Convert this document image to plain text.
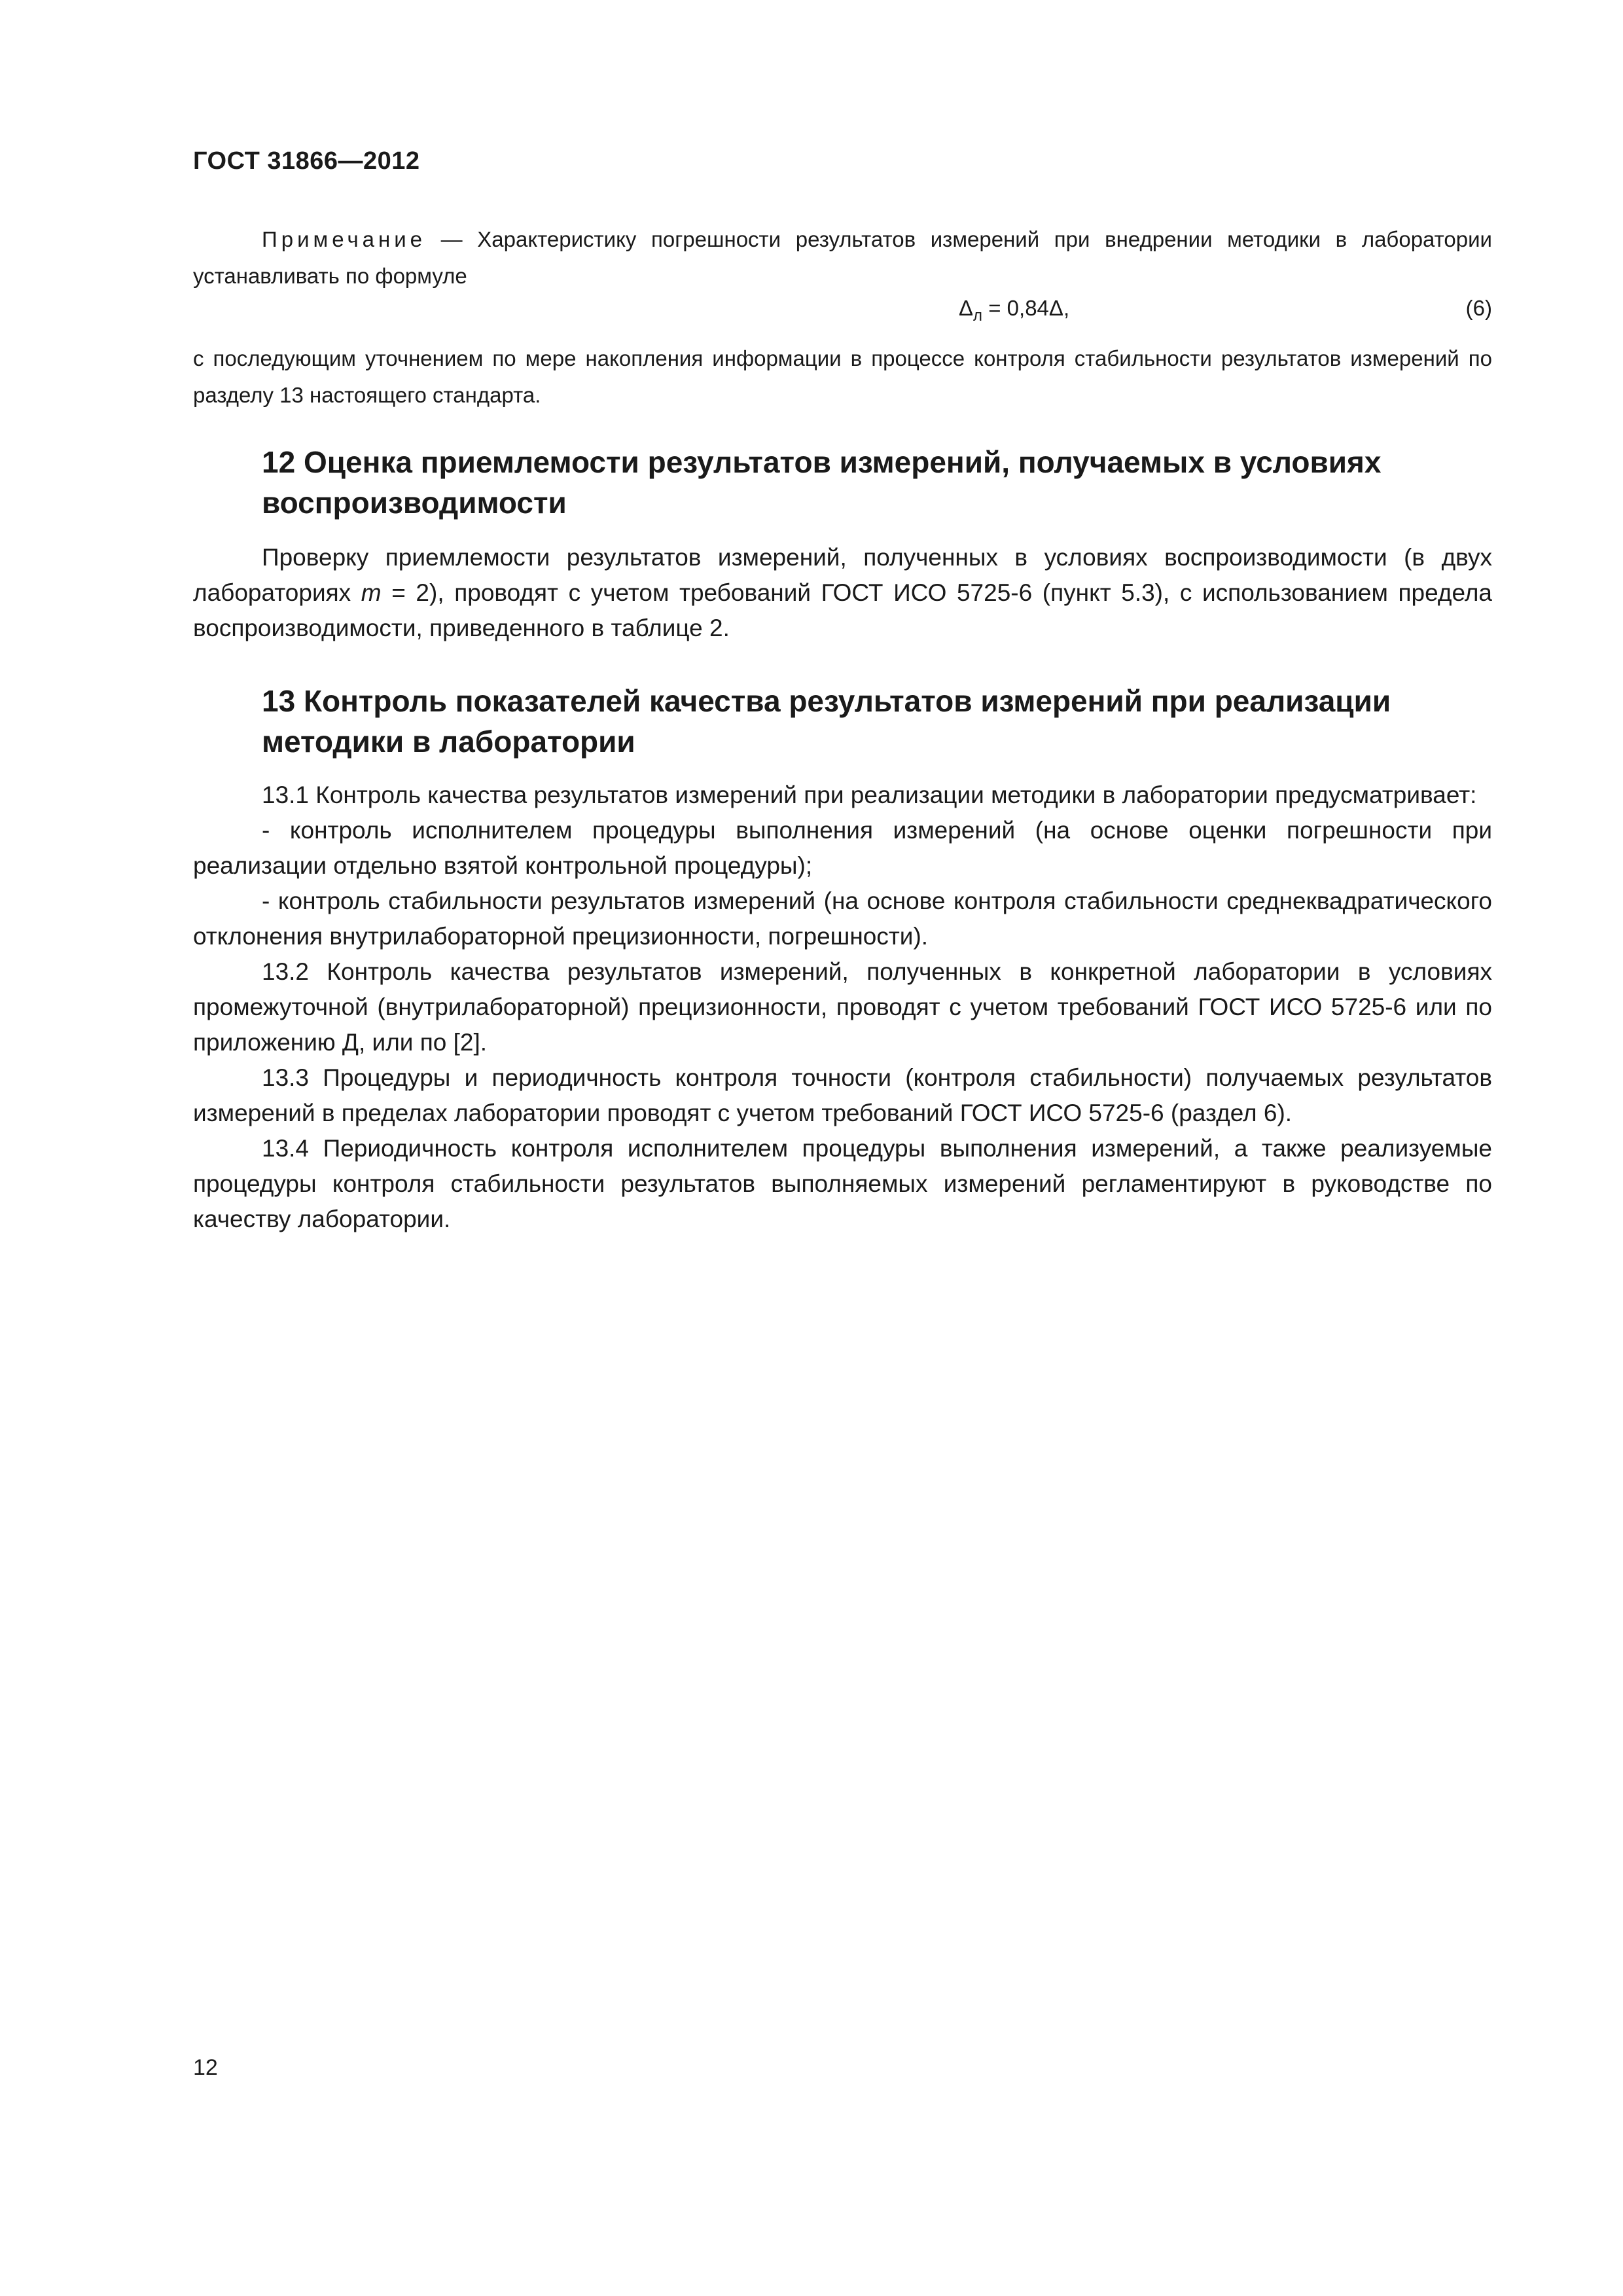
ГОСТ 31866—2012

Примечание — Характеристику погрешности результатов измерений при внедрении методики в лаборатории устанавливать по формуле

$\Delta_л = 0,84\Delta$,	(6)

с последующим уточнением по мере накопления информации в процессе контроля стабильности результатов измерений по разделу 13 настоящего стандарта.

12 Оценка приемлемости результатов измерений, получаемых в условиях воспроизводимости

Проверку приемлемости результатов измерений, полученных в условиях воспроизводимости (в двух лабораториях m = 2), проводят с учетом требований ГОСТ ИСО 5725-6 (пункт 5.3), с использованием предела воспроизводимости, приведенного в таблице 2.

13 Контроль показателей качества результатов измерений при реализации методики в лаборатории

13.1 Контроль качества результатов измерений при реализации методики в лаборатории предусматривает:

- контроль исполнителем процедуры выполнения измерений (на основе оценки погрешности при реализации отдельно взятой контрольной процедуры);

- контроль стабильности результатов измерений (на основе контроля стабильности среднеквадратического отклонения внутрилабораторной прецизионности, погрешности).

13.2 Контроль качества результатов измерений, полученных в конкретной лаборатории в условиях промежуточной (внутрилабораторной) прецизионности, проводят с учетом требований ГОСТ ИСО 5725-6 или по приложению Д, или по [2].

13.3 Процедуры и периодичность контроля точности (контроля стабильности) получаемых результатов измерений в пределах лаборатории проводят с учетом требований ГОСТ ИСО 5725-6 (раздел 6).

13.4 Периодичность контроля исполнителем процедуры выполнения измерений, а также реализуемые процедуры контроля стабильности результатов выполняемых измерений регламентируют в руководстве по качеству лаборатории.

12
